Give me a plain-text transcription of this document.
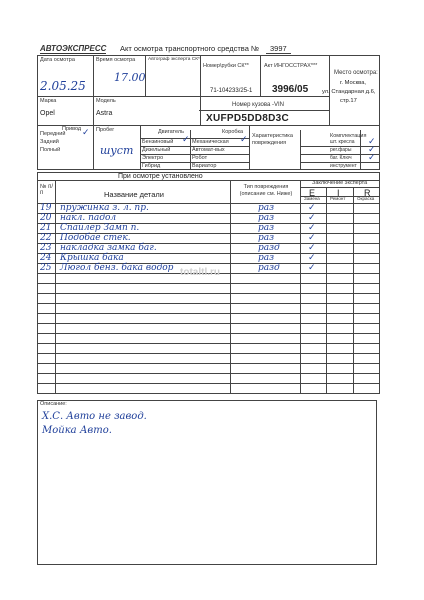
АВТОЭКСПРЕСС Акт осмотра транспортного средства №	3997
Дата осмотра
2.05.25
Время осмотра
17.00
Автограф эксперта СК*
Номер\рубки СК**
71-104233/25-1
Акт ИНГОССТРАХ***
3996/05
Место осмотра:
г. Москва,
ул. Стандарная д.6,
стр.17
Марка
Opel
Модель
Astra
Номер кузова -VIN
XUFPD5DD8D3C
Привод
Передний
Задний
Полный
Пробег
шуст
Двигатель
Бензиновый
Дизельный
Электро
Гибрид
Коробка
Механическая
Автомат-вых
Робот
Вариатор
Характеристика повреждения
Комплектация
шт. кресла
рег.фары
баг. Ключ
инструмент
✓
✓	✓	✓
✓
✓
При осмотре установлено
№ п/п	Название детали
Тип повреждения (описание см. Ниже)
Заключение эксперта
E I	R
Замена Ремонт	Окраска
19 пружинка з. л. пр.	раз	✓
20 накл. падол	раз	✓
21 Спайлер Замп п.	раз	✓
22 Подобае стек.	раз	✓
23 накладка замка баг.	разд	✓
24 Крышка бака	раз	✓
25 Люгол бенз. бака водор	разд	✓
totaltl.ru
Описание:
Х.С. Авто не завод.
Мойка Авто.
